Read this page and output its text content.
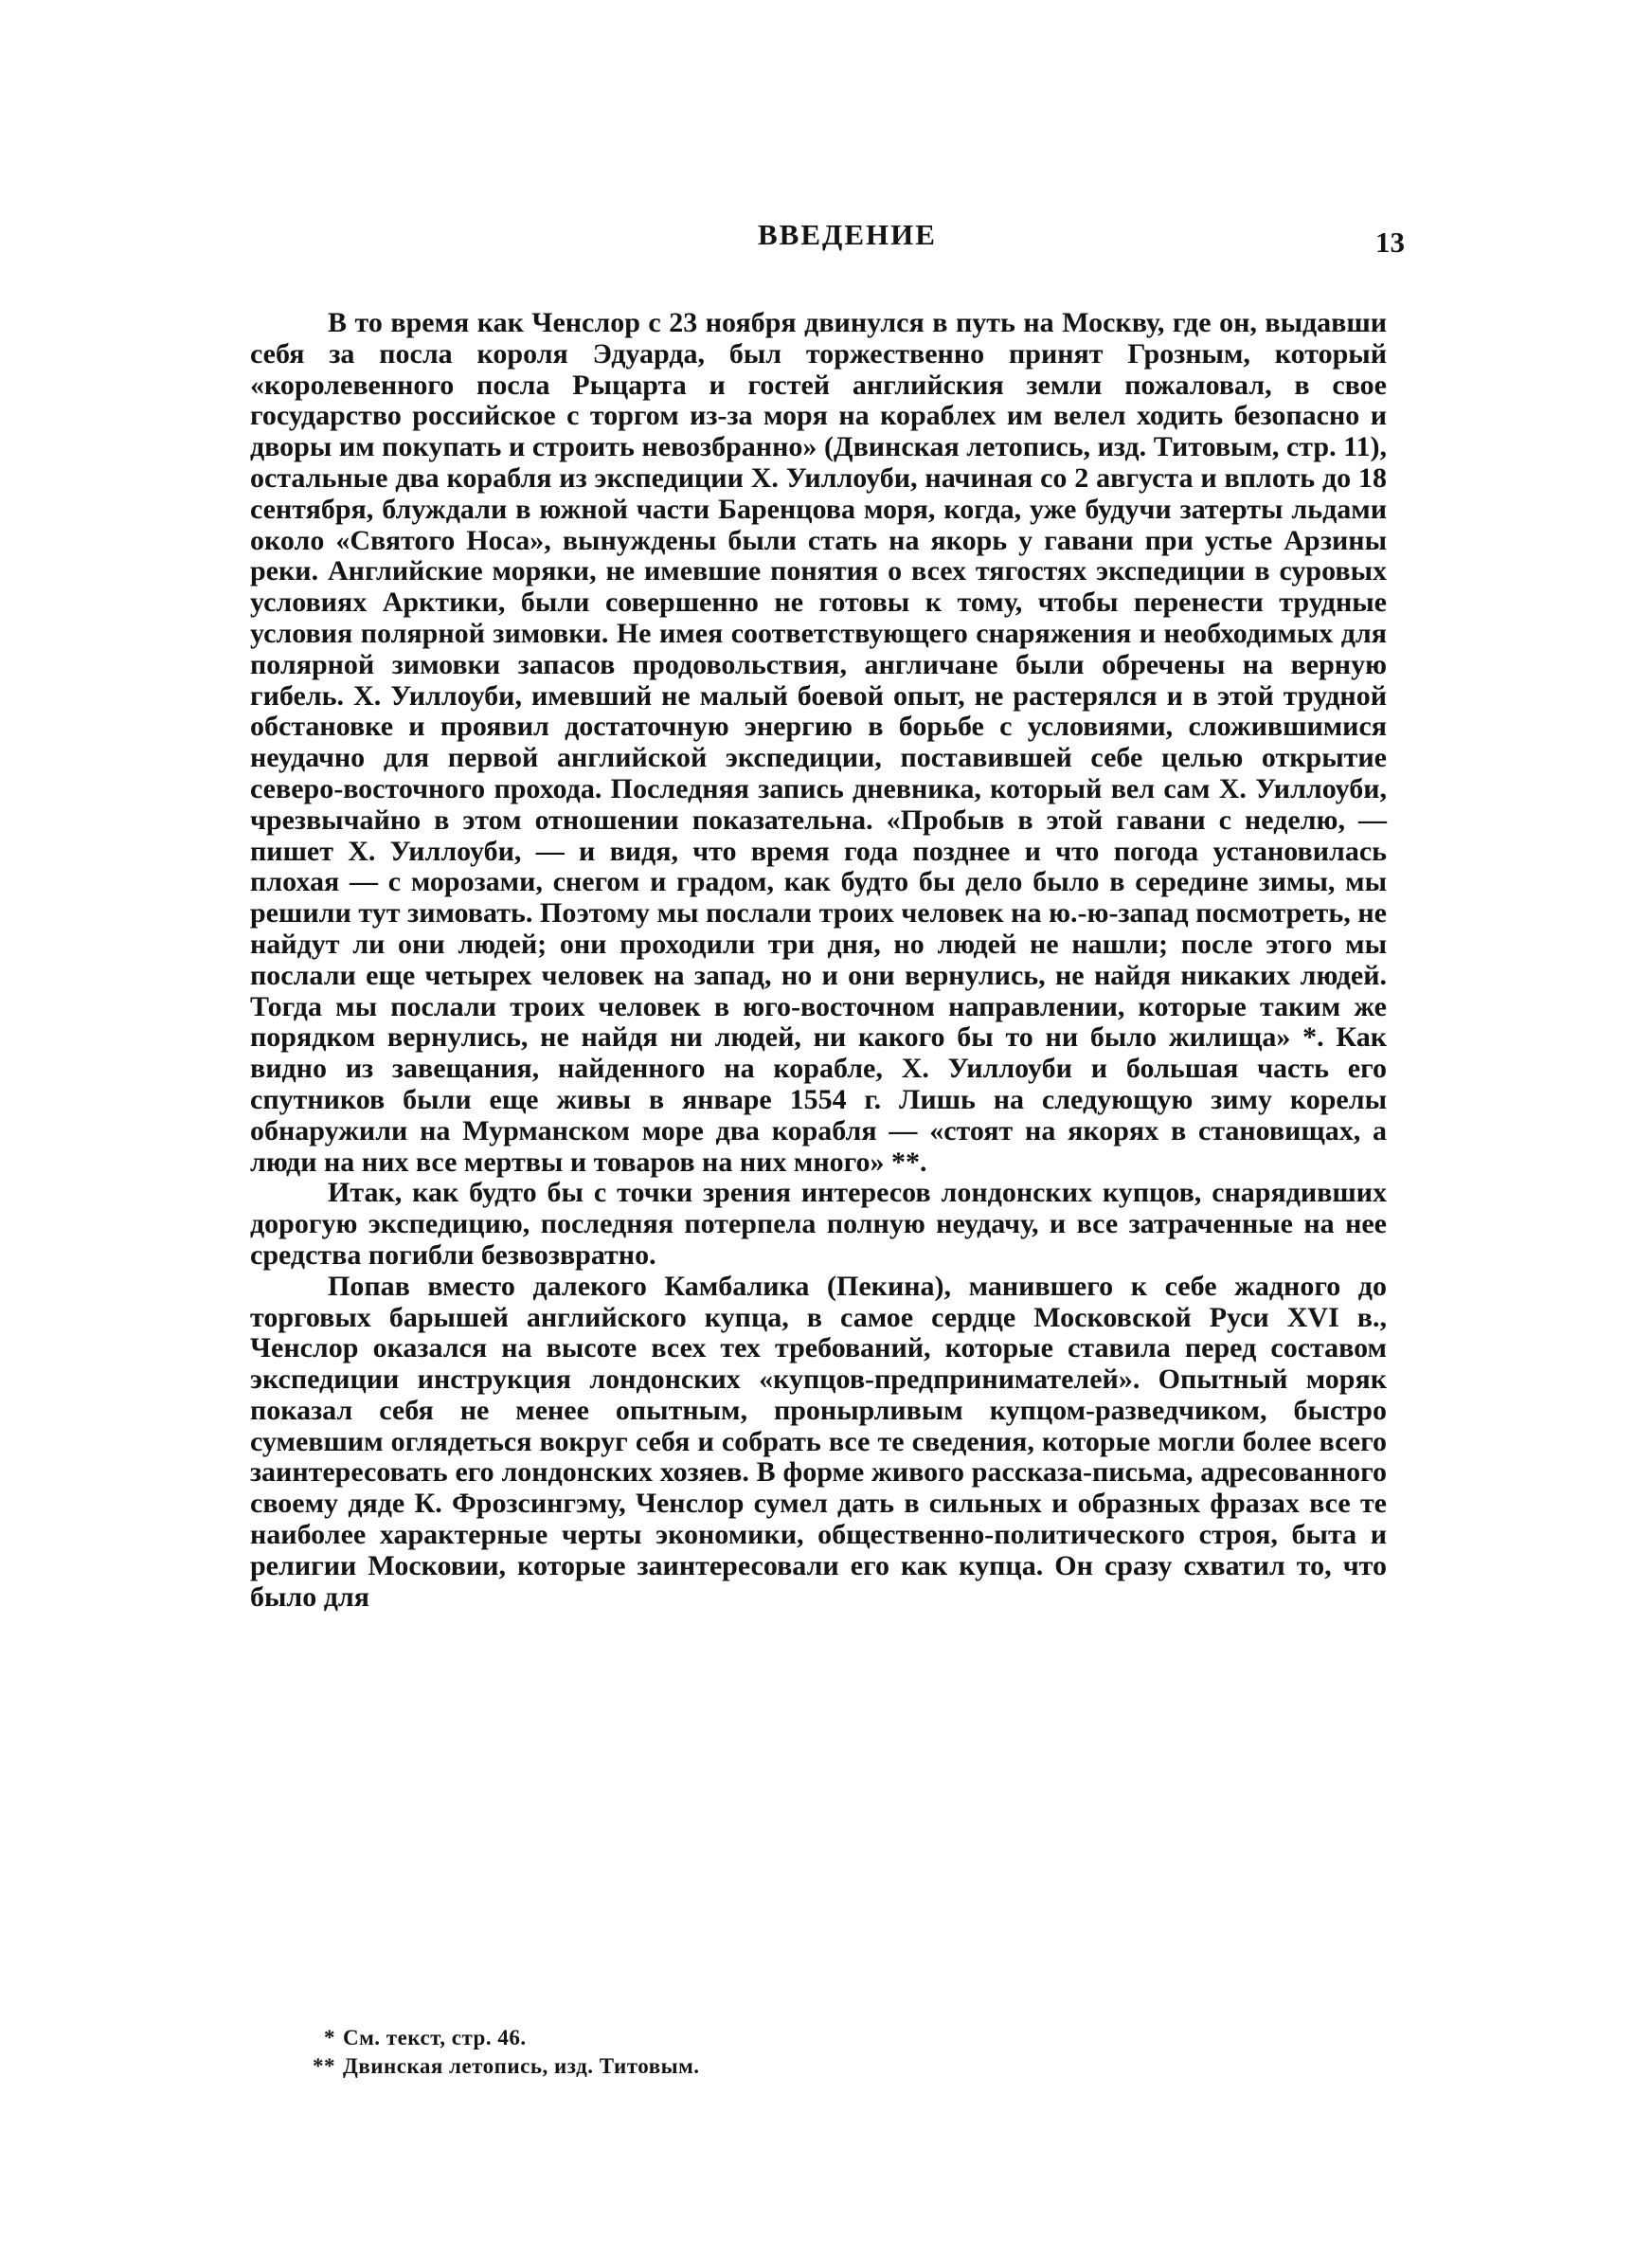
ВВЕДЕНИЕ	13

В то время как Ченслор с 23 ноября двинулся в путь на Москву, где он, выдавши себя за посла короля Эдуарда, был торжественно принят Грозным, который «королевенного посла Рыцарта и гостей английския земли пожаловал, в свое государство российское с торгом из-за моря на кораблех им велел ходить безопасно и дворы им покупать и строить невозбранно» (Двинская летопись, изд. Титовым, стр. 11), остальные два корабля из экспедиции Х. Уиллоуби, начиная со 2 августа и вплоть до 18 сентября, блуждали в южной части Баренцова моря, когда, уже будучи затерты льдами около «Святого Носа», вынуждены были стать на якорь у гавани при устье Арзины реки. Английские моряки, не имевшие понятия о всех тягостях экспедиции в суровых условиях Арктики, были совершенно не готовы к тому, чтобы перенести трудные условия полярной зимовки. Не имея соответствующего снаряжения и необходимых для полярной зимовки запасов продовольствия, англичане были обречены на верную гибель. Х. Уиллоуби, имевший не малый боевой опыт, не растерялся и в этой трудной обстановке и проявил достаточную энергию в борьбе с условиями, сложившимися неудачно для первой английской экспедиции, поставившей себе целью открытие северо-восточного прохода. Последняя запись дневника, который вел сам Х. Уиллоуби, чрезвычайно в этом отношении показательна. «Пробыв в этой гавани с неделю, — пишет Х. Уиллоуби, — и видя, что время года позднее и что погода установилась плохая — с морозами, снегом и градом, как будто бы дело было в середине зимы, мы решили тут зимовать. Поэтому мы послали троих человек на ю.-ю-запад посмотреть, не найдут ли они людей; они проходили три дня, но людей не нашли; после этого мы послали еще четырех человек на запад, но и они вернулись, не найдя никаких людей. Тогда мы послали троих человек в юго-восточном направлении, которые таким же порядком вернулись, не найдя ни людей, ни какого бы то ни было жилища» *. Как видно из завещания, найденного на корабле, Х. Уиллоуби и большая часть его спутников были еще живы в январе 1554 г. Лишь на следующую зиму корелы обнаружили на Мурманском море два корабля — «стоят на якорях в становищах, а люди на них все мертвы и товаров на них много» **.

Итак, как будто бы с точки зрения интересов лондонских купцов, снарядивших дорогую экспедицию, последняя потерпела полную неудачу, и все затраченные на нее средства погибли безвозвратно.

Попав вместо далекого Камбалика (Пекина), манившего к себе жадного до торговых барышей английского купца, в самое сердце Московской Руси XVI в., Ченслор оказался на высоте всех тех требований, которые ставила перед составом экспедиции инструкция лондонских «купцов-предпринимателей». Опытный моряк показал себя не менее опытным, пронырливым купцом-разведчиком, быстро сумевшим оглядеться вокруг себя и собрать все те сведения, которые могли более всего заинтересовать его лондонских хозяев. В форме живого рассказа-письма, адресованного своему дяде К. Фрозсингэму, Ченслор сумел дать в сильных и образных фразах все те наиболее характерные черты экономики, общественно-политического строя, быта и религии Московии, которые заинтересовали его как купца. Он сразу схватил то, что было для

* См. текст, стр. 46.
** Двинская летопись, изд. Титовым.
